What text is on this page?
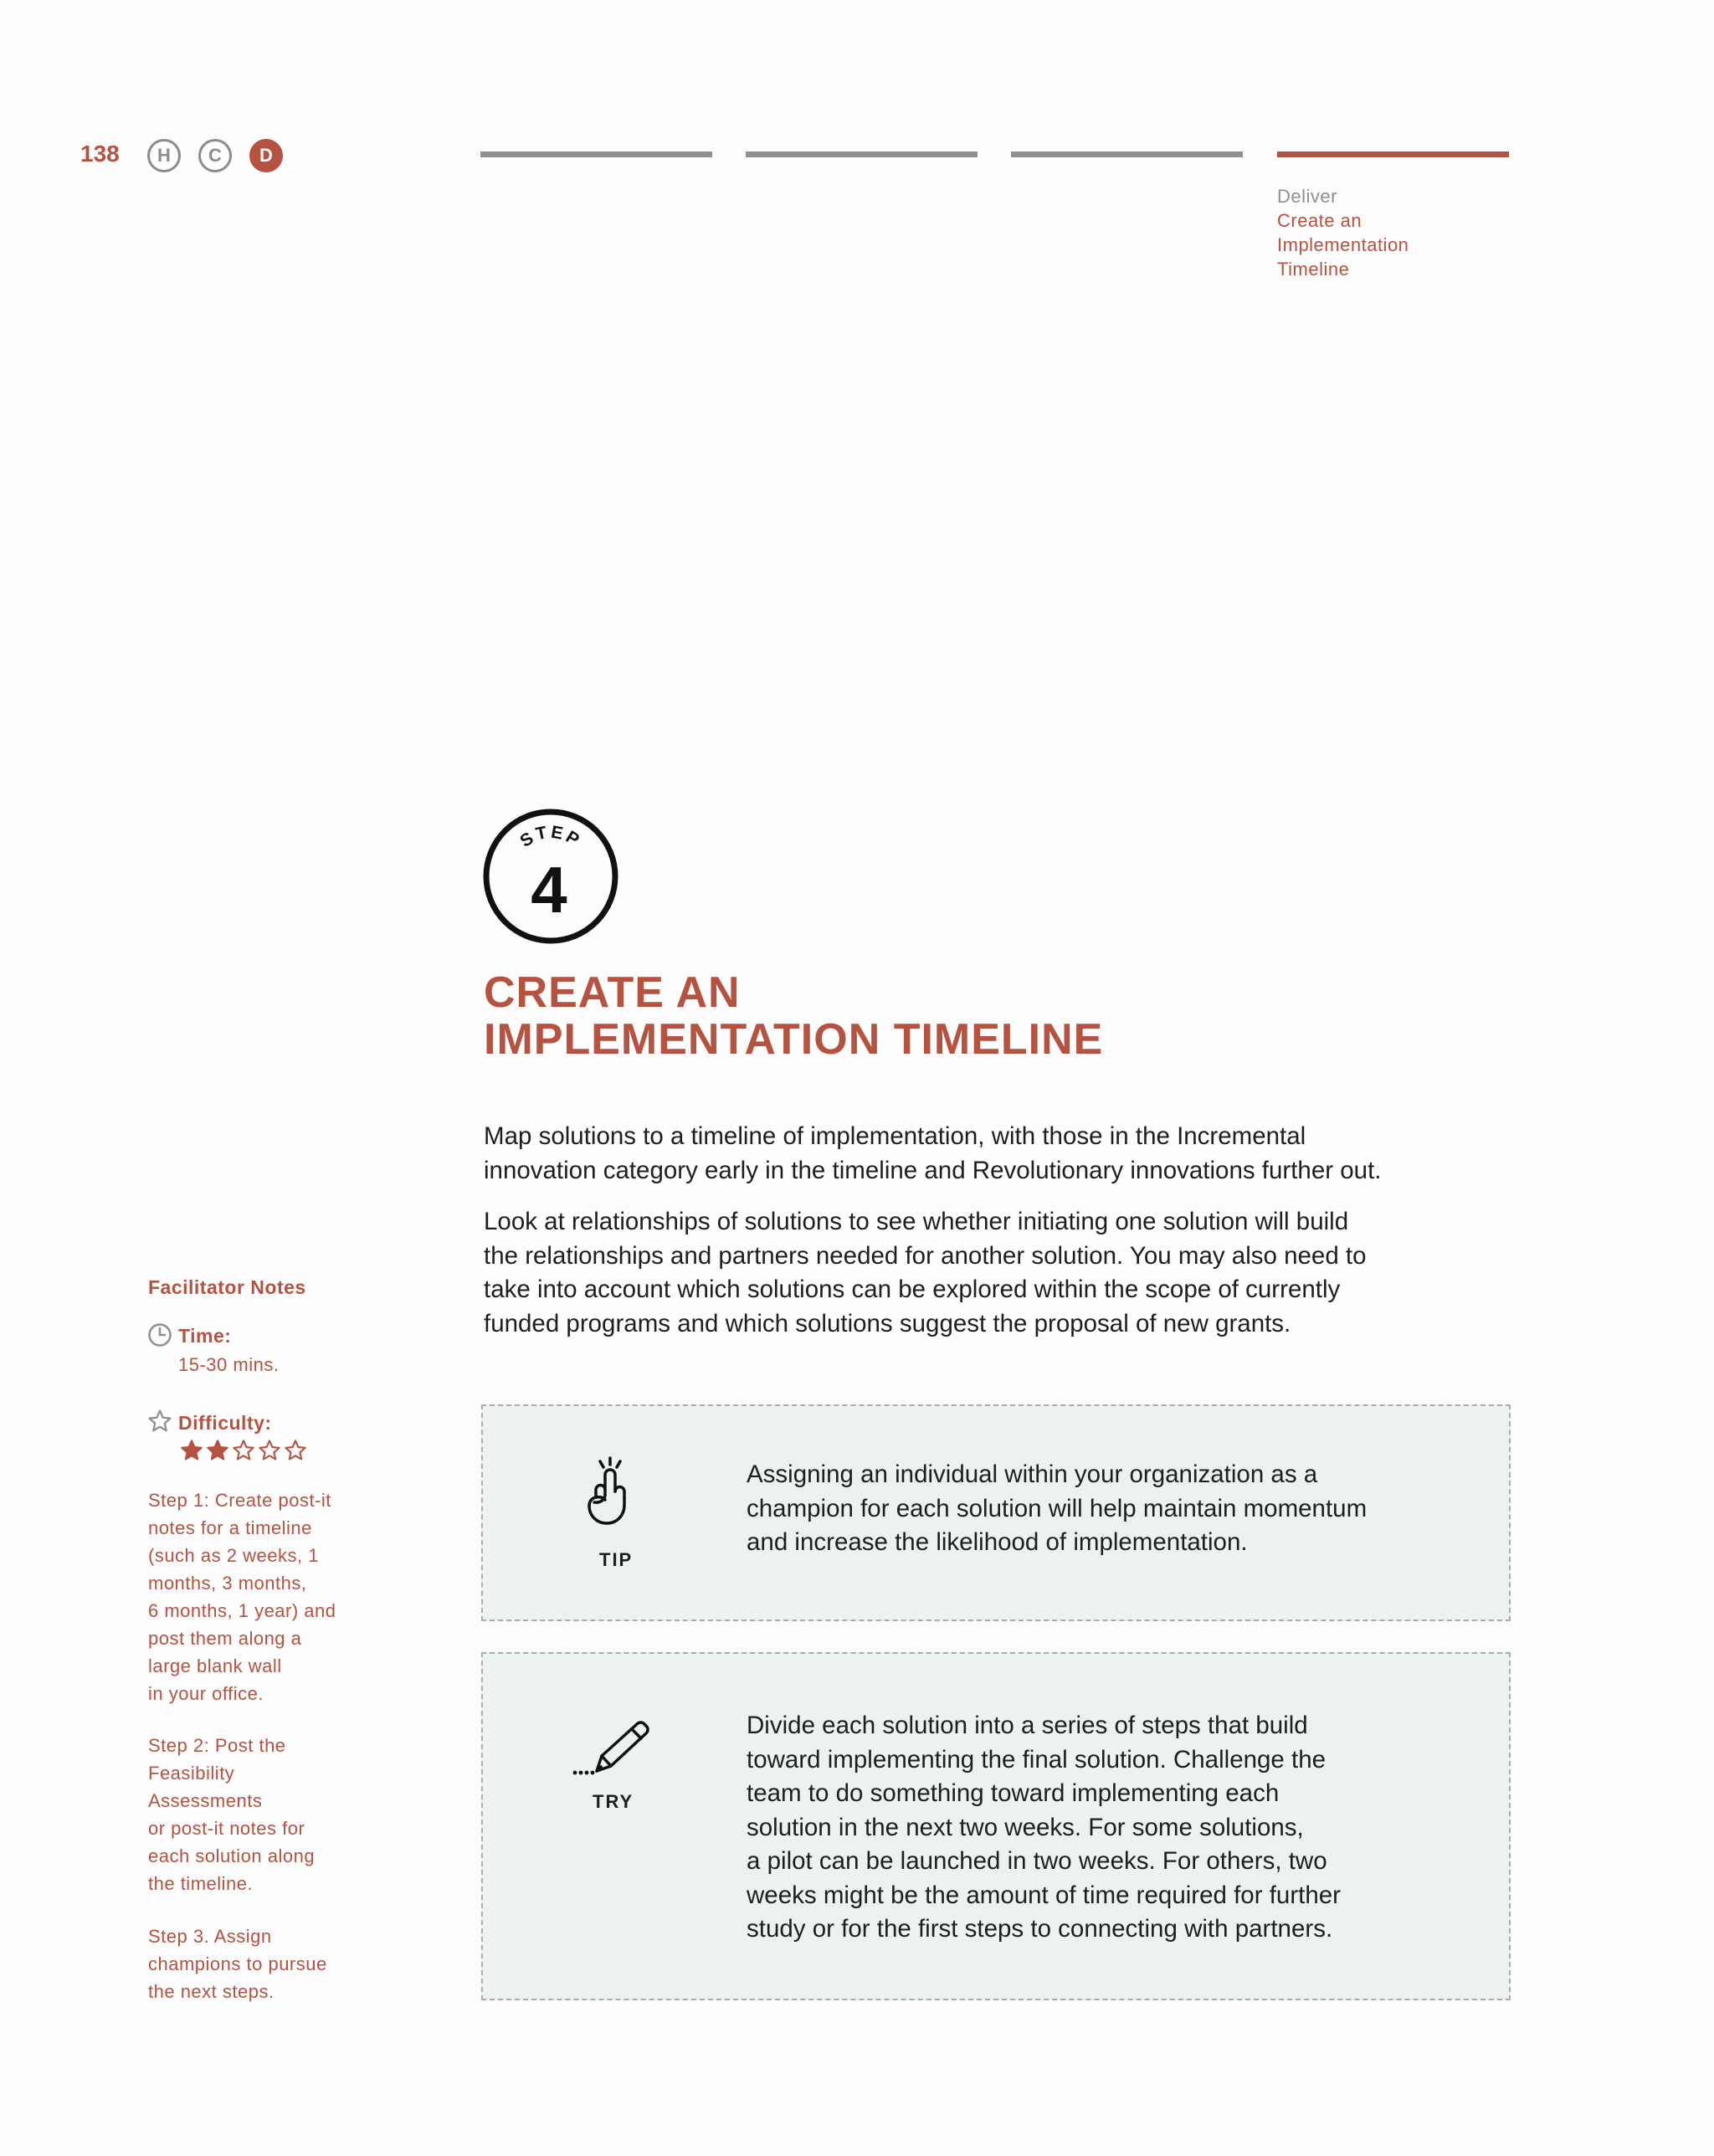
138	H	C	D
Deliver
Create an
Implementation
Timeline
STEP
4
CREATE AN
IMPLEMENTATION TIMELINE
Map solutions to a timeline of implementation, with those in the Incremental
innovation category early in the timeline and Revolutionary innovations further out.
Look at relationships of solutions to see whether initiating one solution will build
the relationships and partners needed for another solution. You may also need to
take into account which solutions can be explored within the scope of currently
funded programs and which solutions suggest the proposal of new grants.
Facilitator Notes
Time:
15-30 mins.
Difficulty:
Step 1: Create post-it
notes for a timeline
(such as 2 weeks, 1
months, 3 months,
6 months, 1 year) and
post them along a
large blank wall
in your office.
Step 2: Post the
Feasibility
Assessments
or post-it notes for
each solution along
the timeline.
Step 3. Assign
champions to pursue
the next steps.
TIP
Assigning an individual within your organization as a
champion for each solution will help maintain momentum
and increase the likelihood of implementation.
TRY
Divide each solution into a series of steps that build
toward implementing the final solution. Challenge the
team to do something toward implementing each
solution in the next two weeks. For some solutions,
a pilot can be launched in two weeks. For others, two
weeks might be the amount of time required for further
study or for the first steps to connecting with partners.
